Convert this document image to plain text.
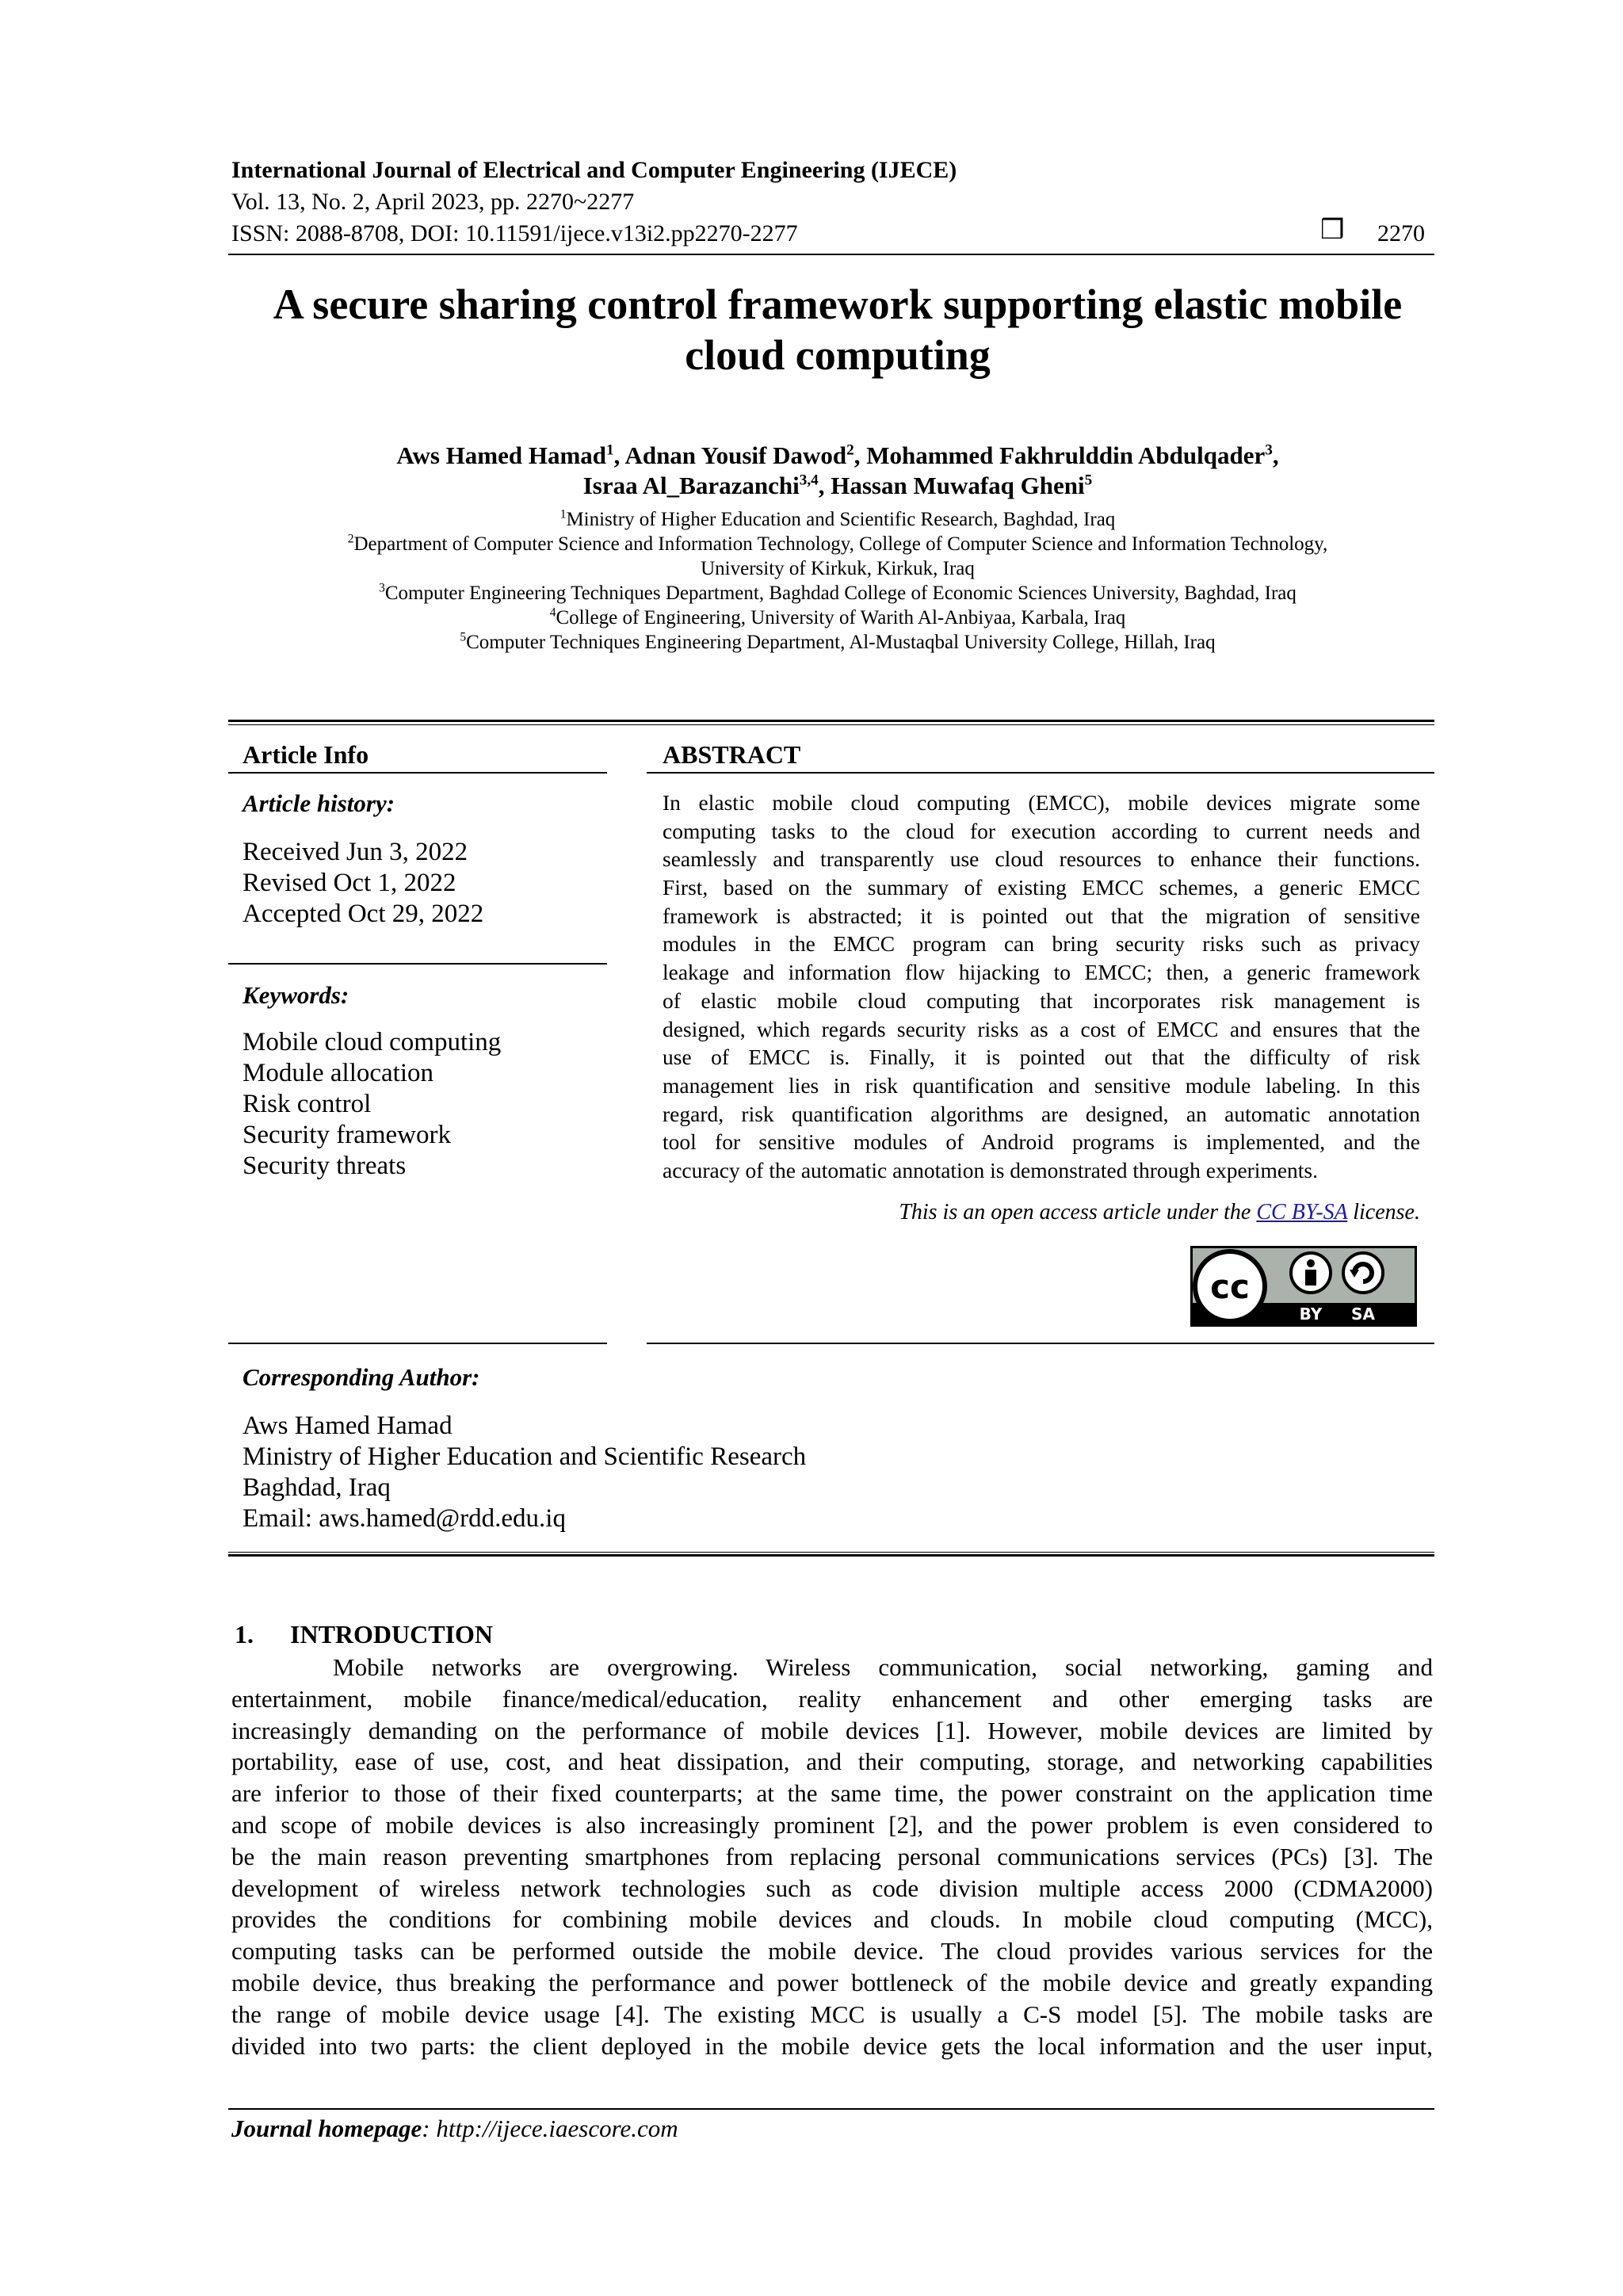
International Journal of Electrical and Computer Engineering (IJECE)
Vol. 13, No. 2, April 2023, pp. 2270~2277
ISSN: 2088-8708, DOI: 10.11591/ijece.v13i2.pp2270-2277	❒ 2270
A secure sharing control framework supporting elastic mobile
cloud computing
Aws Hamed Hamad$^1$, Adnan Yousif Dawod$^2$, Mohammed Fakhrulddin Abdulqader$^3$,
Israa Al_Barazanchi$^{3,4}$, Hassan Muwafaq Gheni$^5$
$^1$Ministry of Higher Education and Scientific Research, Baghdad, Iraq
$^2$Department of Computer Science and Information Technology, College of Computer Science and Information Technology,
University of Kirkuk, Kirkuk, Iraq
$^3$Computer Engineering Techniques Department, Baghdad College of Economic Sciences University, Baghdad, Iraq
$^4$College of Engineering, University of Warith Al-Anbiyaa, Karbala, Iraq
$^5$Computer Techniques Engineering Department, Al-Mustaqbal University College, Hillah, Iraq
Article Info
Article history:
Received Jun 3, 2022
Revised Oct 1, 2022
Accepted Oct 29, 2022
Keywords:
Mobile cloud computing
Module allocation
Risk control
Security framework
Security threats
ABSTRACT
In elastic mobile cloud computing (EMCC), mobile devices migrate some
computing tasks to the cloud for execution according to current needs and
seamlessly and transparently use cloud resources to enhance their functions.
First, based on the summary of existing EMCC schemes, a generic EMCC
framework is abstracted; it is pointed out that the migration of sensitive
modules in the EMCC program can bring security risks such as privacy
leakage and information flow hijacking to EMCC; then, a generic framework
of elastic mobile cloud computing that incorporates risk management is
designed, which regards security risks as a cost of EMCC and ensures that the
use of EMCC is. Finally, it is pointed out that the difficulty of risk
management lies in risk quantification and sensitive module labeling. In this
regard, risk quantification algorithms are designed, an automatic annotation
tool for sensitive modules of Android programs is implemented, and the
accuracy of the automatic annotation is demonstrated through experiments.
This is an open access article under the CC BY-SA license.
cc
BY SA
Corresponding Author:
Aws Hamed Hamad
Ministry of Higher Education and Scientific Research
Baghdad, Iraq
Email: aws.hamed@rdd.edu.iq
1. INTRODUCTION
Mobile networks are overgrowing. Wireless communication, social networking, gaming and
entertainment, mobile finance/medical/education, reality enhancement and other emerging tasks are
increasingly demanding on the performance of mobile devices [1]. However, mobile devices are limited by
portability, ease of use, cost, and heat dissipation, and their computing, storage, and networking capabilities
are inferior to those of their fixed counterparts; at the same time, the power constraint on the application time
and scope of mobile devices is also increasingly prominent [2], and the power problem is even considered to
be the main reason preventing smartphones from replacing personal communications services (PCs) [3]. The
development of wireless network technologies such as code division multiple access 2000 (CDMA2000)
provides the conditions for combining mobile devices and clouds. In mobile cloud computing (MCC),
computing tasks can be performed outside the mobile device. The cloud provides various services for the
mobile device, thus breaking the performance and power bottleneck of the mobile device and greatly expanding
the range of mobile device usage [4]. The existing MCC is usually a C-S model [5]. The mobile tasks are
divided into two parts: the client deployed in the mobile device gets the local information and the user input,
Journal homepage: http://ijece.iaescore.com
